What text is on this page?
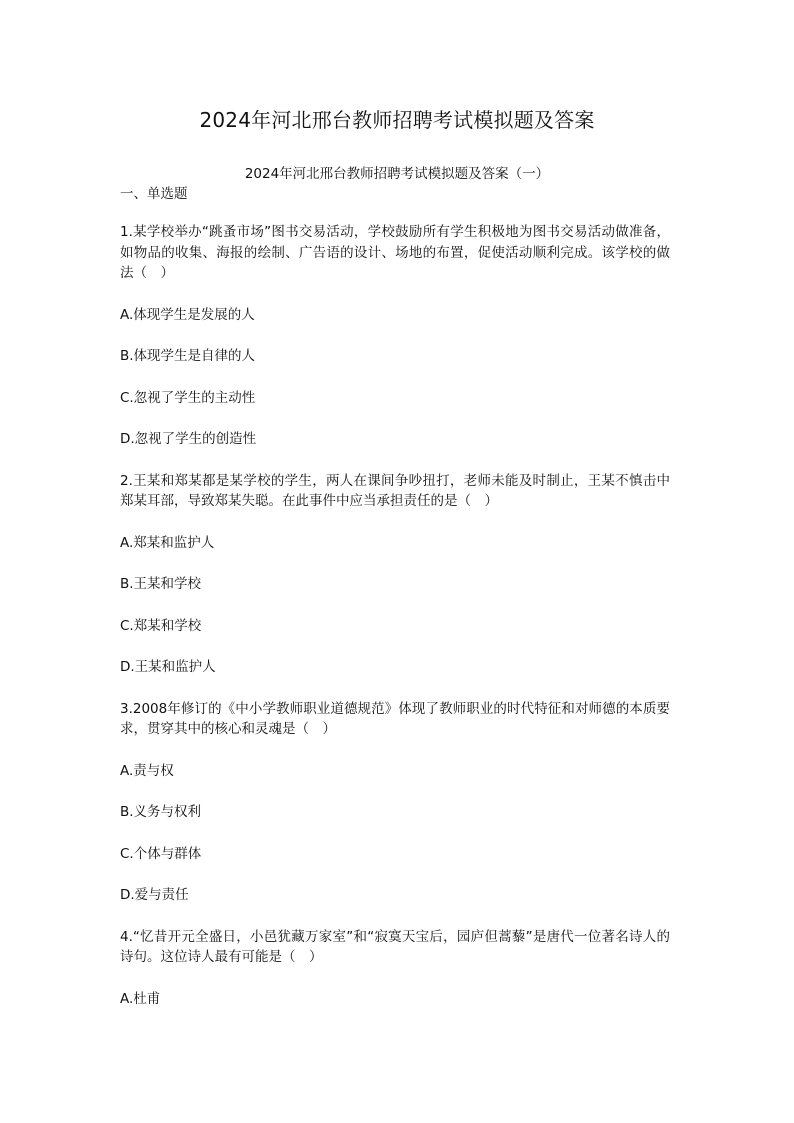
2024年河北邢台教师招聘考试模拟题及答案
2024年河北邢台教师招聘考试模拟题及答案（一）
一、单选题
1.某学校举办“跳蚤市场”图书交易活动，学校鼓励所有学生积极地为图书交易活动做准备，如物品的收集、海报的绘制、广告语的设计、场地的布置，促使活动顺利完成。该学校的做法（　）
A.体现学生是发展的人
B.体现学生是自律的人
C.忽视了学生的主动性
D.忽视了学生的创造性
2.王某和郑某都是某学校的学生，两人在课间争吵扭打，老师未能及时制止，王某不慎击中郑某耳部，导致郑某失聪。在此事件中应当承担责任的是（　）
A.郑某和监护人
B.王某和学校
C.郑某和学校
D.王某和监护人
3.2008年修订的《中小学教师职业道德规范》体现了教师职业的时代特征和对师德的本质要求，贯穿其中的核心和灵魂是（　）
A.责与权
B.义务与权利
C.个体与群体
D.爱与责任
4.“忆昔开元全盛日，小邑犹藏万家室”和“寂寞天宝后，园庐但蒿藜”是唐代一位著名诗人的诗句。这位诗人最有可能是（　）
A.杜甫
